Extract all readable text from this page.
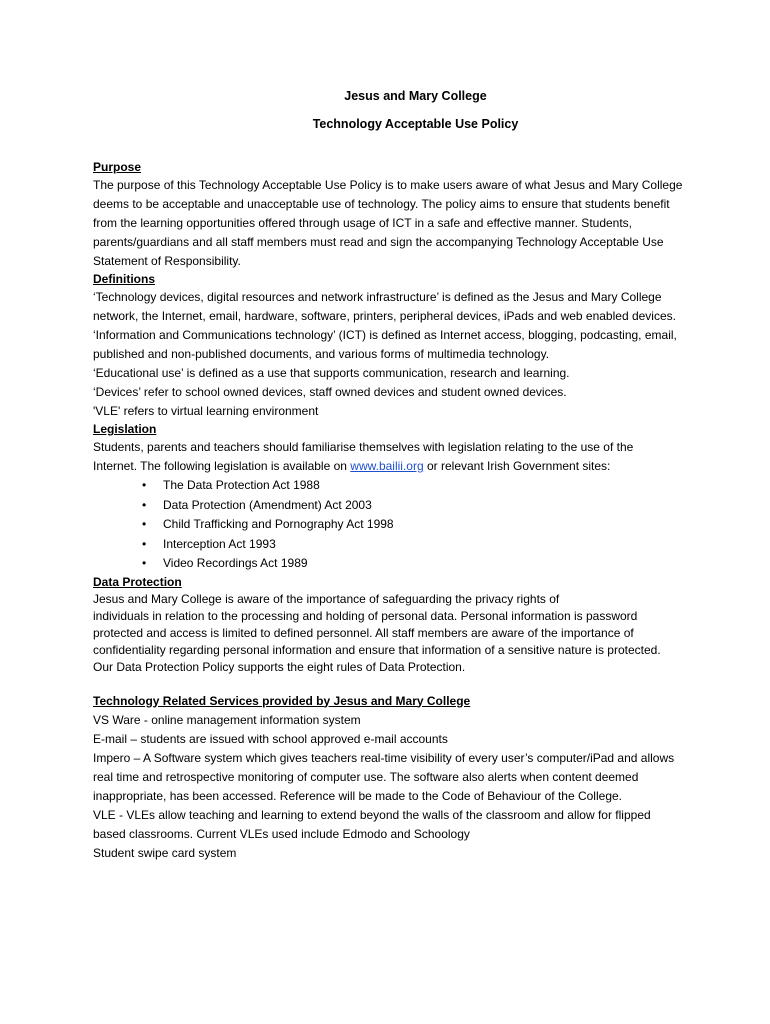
Jesus and Mary College
Technology Acceptable Use Policy
Purpose

The purpose of this Technology Acceptable Use Policy is to make users aware of what Jesus and Mary College

deems to be acceptable and unacceptable use of technology. The policy aims to ensure that students benefit

from the learning opportunities offered through usage of ICT in a safe and effective manner. Students,

parents/guardians and all staff members must read and sign the accompanying Technology Acceptable Use

Statement of Responsibility.

Definitions

‘Technology devices, digital resources and network infrastructure’ is defined as the Jesus and Mary College

network, the Internet, email, hardware, software, printers, peripheral devices, iPads and web enabled devices.

‘Information and Communications technology’ (ICT) is defined as Internet access, blogging, podcasting, email,

published and non-published documents, and various forms of multimedia technology.

‘Educational use’ is defined as a use that supports communication, research and learning.

‘Devices’ refer to school owned devices, staff owned devices and student owned devices.

'VLE' refers to virtual learning environment

Legislation

Students, parents and teachers should familiarise themselves with legislation relating to the use of the

Internet. The following legislation is available on www.bailii.org or relevant Irish Government sites:

• The Data Protection Act 1988
• Data Protection (Amendment) Act 2003
• Child Trafficking and Pornography Act 1998
• Interception Act 1993
• Video Recordings Act 1989
Data Protection

Jesus and Mary College is aware of the importance of safeguarding the privacy rights of

individuals in relation to the processing and holding of personal data. Personal information is password

protected and access is limited to defined personnel. All staff members are aware of the importance of

confidentiality regarding personal information and ensure that information of a sensitive nature is protected.

Our Data Protection Policy supports the eight rules of Data Protection.

Technology Related Services provided by Jesus and Mary College

VS Ware - online management information system

E-mail – students are issued with school approved e-mail accounts

Impero – A Software system which gives teachers real-time visibility of every user’s computer/iPad and allows

real time and retrospective monitoring of computer use. The software also alerts when content deemed

inappropriate, has been accessed. Reference will be made to the Code of Behaviour of the College.

VLE - VLEs allow teaching and learning to extend beyond the walls of the classroom and allow for flipped

based classrooms. Current VLEs used include Edmodo and Schoology

Student swipe card system
